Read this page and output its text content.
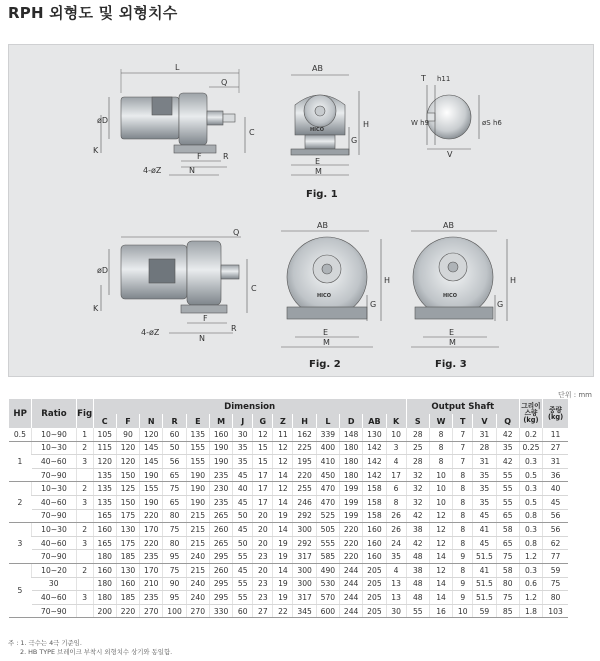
RPH 외형도 및 외형치수
L
Q
øD
C
K
F	R
N
4-øZ
AB
H
G
E
M
HICO
Fig. 1
T h11
W h9	øS h6
V
Q
øD
C
K
F
R
N
4-øZ
AB
H
G
E
M
HICO
Fig. 2
AB
H
G
E
M
HICO
Fig. 3
단위 : mm
HP	Ratio	Fig	Dimension														Output Shaft					그리이스량(kg)	중량(kg)
			C	F	N	R	E	M	J	G	Z	H	L	D	AB	K	S	W	T	V	Q		
0.5	10~90	1	105	90	120	60	135	160	30	12	11	162	339	148	130	10	28	8	7	31	42	0.2	11
1	10~30	2	115	120	145	50	155	190	35	15	12	225	400	180	142	3	25	8	7	28	35	0.25	27
	40~60	3	120	120	145	56	155	190	35	15	12	195	410	180	142	4	28	8	7	31	42	0.3	31
	70~90		135	150	190	65	190	235	45	17	14	220	450	180	142	17	32	10	8	35	55	0.5	36
2	10~30	2	135	125	155	75	190	230	40	17	12	255	470	199	158	6	32	10	8	35	55	0.3	40
	40~60	3	135	150	190	65	190	235	45	17	14	246	470	199	158	8	32	10	8	35	55	0.5	45
	70~90		165	175	220	80	215	265	50	20	19	292	525	199	158	26	42	12	8	45	65	0.8	56
3	10~30	2	160	130	170	75	215	260	45	20	14	300	505	220	160	26	38	12	8	41	58	0.3	56
	40~60	3	165	175	220	80	215	265	50	20	19	292	555	220	160	24	42	12	8	45	65	0.8	62
	70~90		180	185	235	95	240	295	55	23	19	317	585	220	160	35	48	14	9	51.5	75	1.2	77
5	10~20	2	160	130	170	75	215	260	45	20	14	300	490	244	205	4	38	12	8	41	58	0.3	59
	30		180	160	210	90	240	295	55	23	19	300	530	244	205	13	48	14	9	51.5	80	0.6	75
	40~60	3	180	185	235	95	240	295	55	23	19	317	570	244	205	13	48	14	9	51.5	75	1.2	80
	70~90		200	220	270	100	270	330	60	27	22	345	600	244	205	30	55	16	10	59	85	1.8	103
주 : 1. 극수는 4극 기준임.
2. HB TYPE 브레이크 부착시 외형치수 상기와 동일함.
